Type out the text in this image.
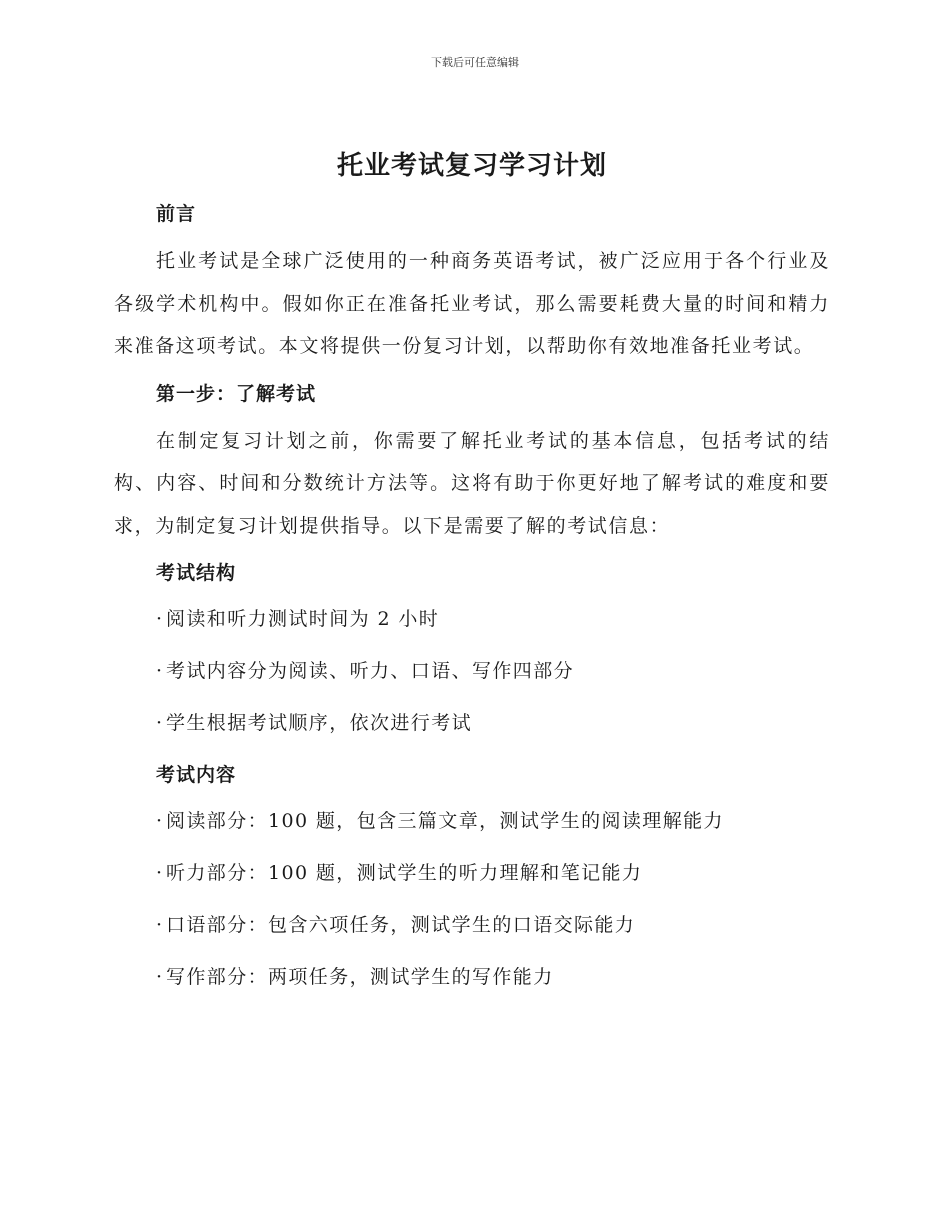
下载后可任意编辑
托业考试复习学习计划
前言

托业考试是全球广泛使用的一种商务英语考试，被广泛应用于各个行业及各级学术机构中。假如你正在准备托业考试，那么需要耗费大量的时间和精力来准备这项考试。本文将提供一份复习计划，以帮助你有效地准备托业考试。

第一步：了解考试

在制定复习计划之前，你需要了解托业考试的基本信息，包括考试的结构、内容、时间和分数统计方法等。这将有助于你更好地了解考试的难度和要求，为制定复习计划提供指导。以下是需要了解的考试信息：

考试结构
· 阅读和听力测试时间为 2 小时
· 考试内容分为阅读、听力、口语、写作四部分
· 学生根据考试顺序，依次进行考试
考试内容
· 阅读部分：100 题，包含三篇文章，测试学生的阅读理解能力
· 听力部分：100 题，测试学生的听力理解和笔记能力
· 口语部分：包含六项任务，测试学生的口语交际能力
· 写作部分：两项任务，测试学生的写作能力
